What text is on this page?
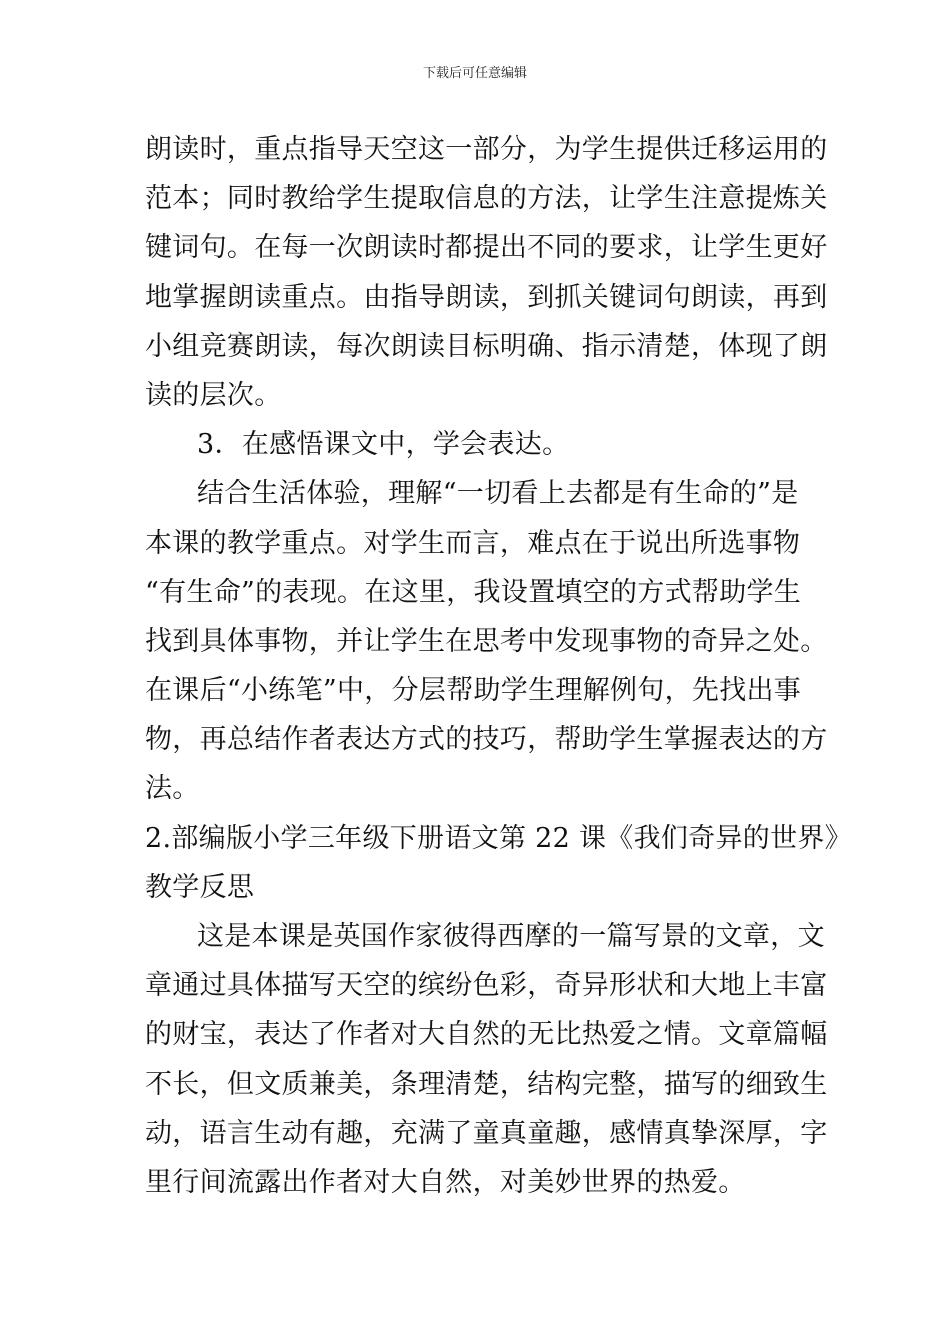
下载后可任意编辑
朗读时，重点指导天空这一部分，为学生提供迁移运用的
范本；同时教给学生提取信息的方法，让学生注意提炼关
键词句。在每一次朗读时都提出不同的要求，让学生更好
地掌握朗读重点。由指导朗读，到抓关键词句朗读，再到
小组竞赛朗读，每次朗读目标明确、指示清楚，体现了朗
读的层次。
3．在感悟课文中，学会表达。
结合生活体验，理解“一切看上去都是有生命的”是
本课的教学重点。对学生而言，难点在于说出所选事物
“有生命”的表现。在这里，我设置填空的方式帮助学生
找到具体事物，并让学生在思考中发现事物的奇异之处。
在课后“小练笔”中，分层帮助学生理解例句，先找出事
物，再总结作者表达方式的技巧，帮助学生掌握表达的方
法。
2.部编版小学三年级下册语文第 22 课《我们奇异的世界》
教学反思
这是本课是英国作家彼得西摩的一篇写景的文章，文
章通过具体描写天空的缤纷色彩，奇异形状和大地上丰富
的财宝，表达了作者对大自然的无比热爱之情。文章篇幅
不长，但文质兼美，条理清楚，结构完整，描写的细致生
动，语言生动有趣，充满了童真童趣，感情真挚深厚，字
里行间流露出作者对大自然，对美妙世界的热爱。
